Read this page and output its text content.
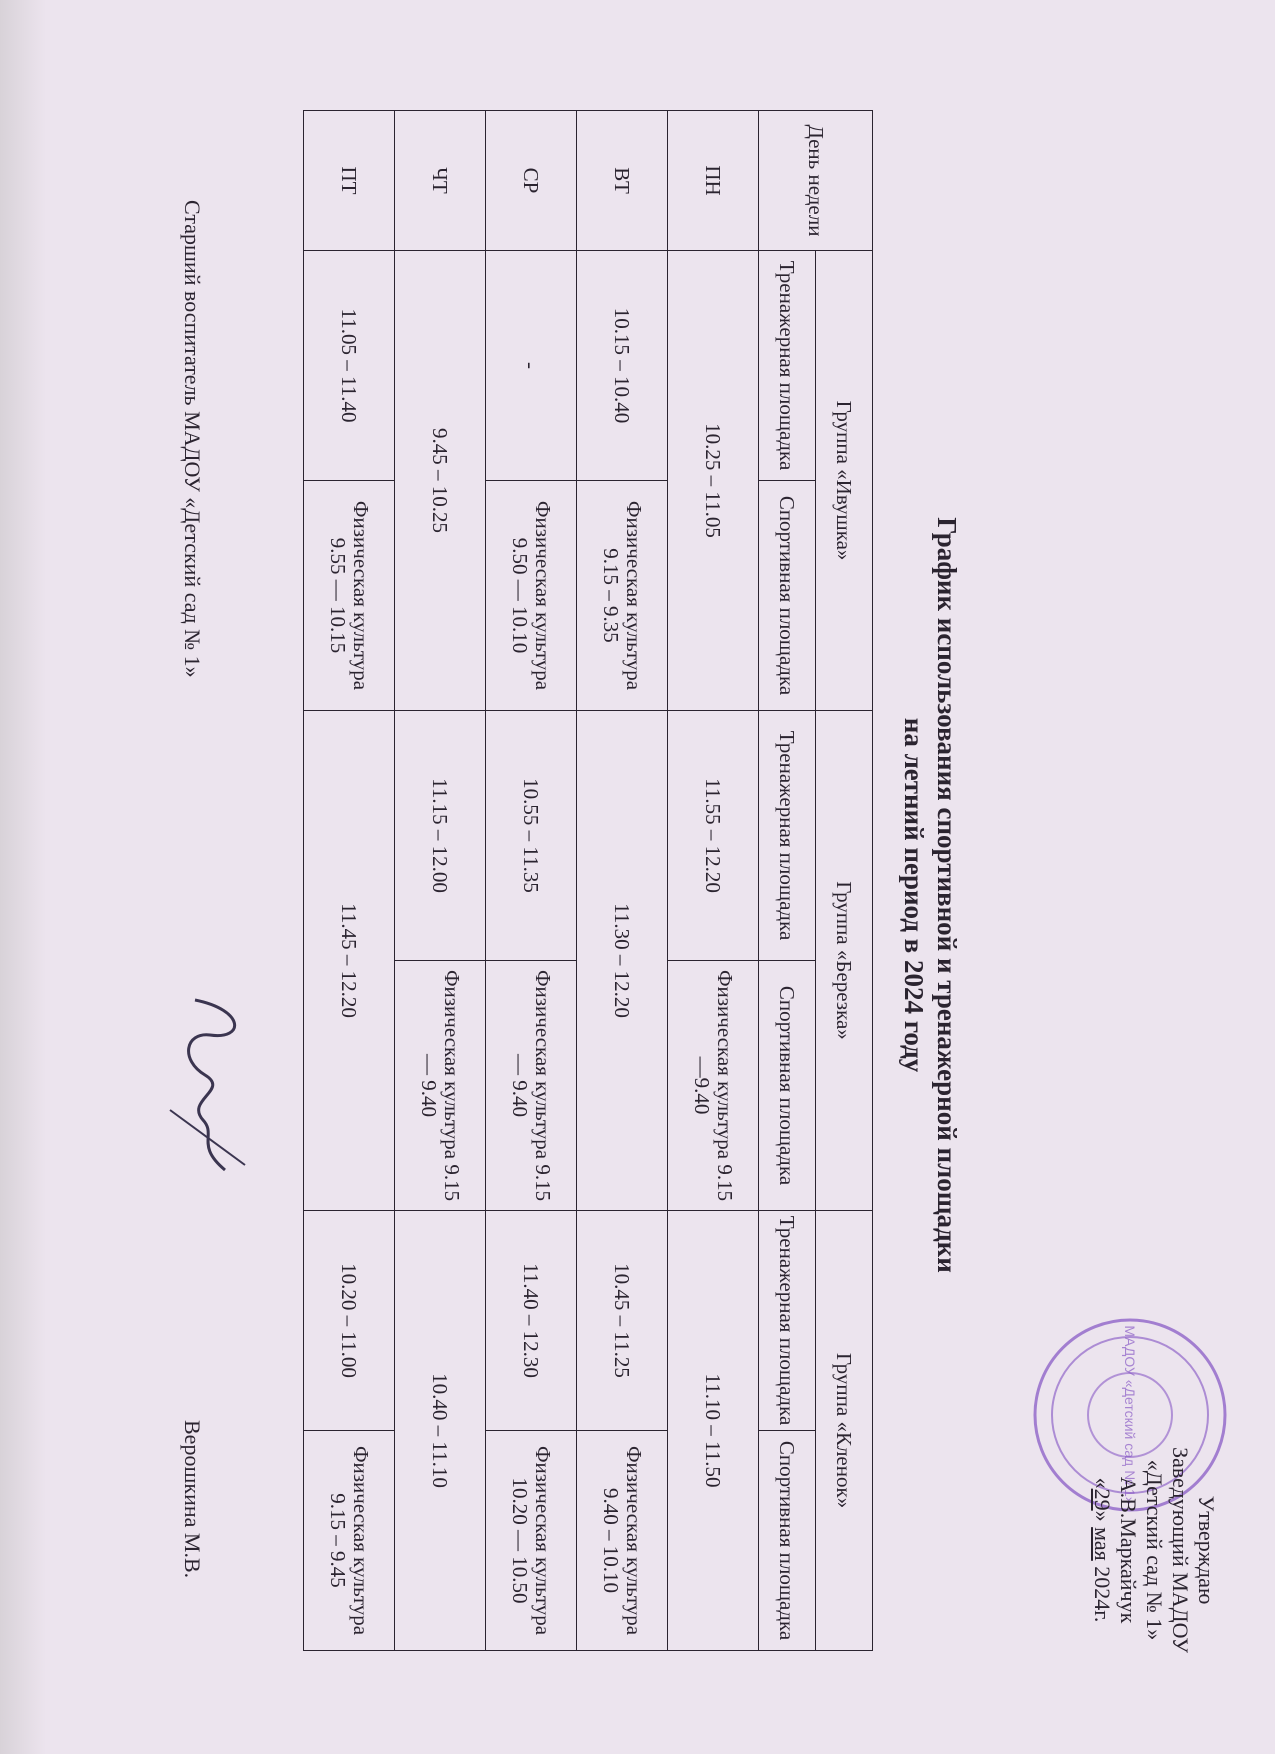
МАДОУ «Детский сад № 1»
Утверждаю
Заведующий МАДОУ
«Детский сад № 1»
А.В.Маркайчук
«29» мая 2024г.
График использования спортивной и тренажерной площадки
на летний период в 2024 году
День недели	Группа «Ивушка»		Группа «Березка»		Группа «Кленок»	
	Тренажерная площадка	Спортивная площадка	Тренажерная площадка	Спортивная площадка	Тренажерная площадка	Спортивная площадка
ПН	10.25 – 11.05		11.55 – 12.20	Физическая культура 9.15—9.40	11.10 – 11.50	
ВТ	10.15 – 10.40	Физическая культура 9.15 – 9.35	11.30 – 12.20		10.45 – 11.25	Физическая культура 9.40 – 10.10
СР	-	Физическая культура 9.50 — 10.10	10.55 – 11.35	Физическая культура 9.15 — 9.40	11.40 – 12.30	Физическая культура 10.20 — 10.50
ЧТ	9.45 – 10.25		11.15 – 12.00	Физическая культура 9.15 — 9.40	10.40 – 11.10	
ПТ	11.05 – 11.40	Физическая культура 9.55 — 10.15	11.45 – 12.20		10.20 – 11.00	Физическая культура 9.15 – 9.45
Старший воспитатель МАДОУ «Детский сад № 1»
Верошкина М.В.
